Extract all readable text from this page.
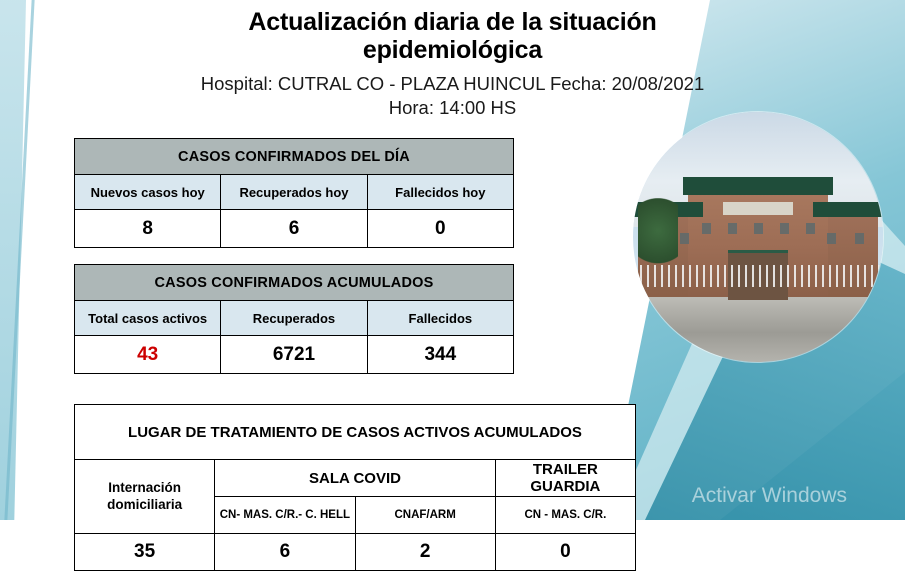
Actualización diaria de la situación epidemiológica
Hospital: CUTRAL CO - PLAZA HUINCUL Fecha: 20/08/2021
Hora: 14:00 HS
CASOS CONFIRMADOS DEL DÍA		
Nuevos casos hoy	Recuperados hoy	Fallecidos hoy
8	6	0
CASOS CONFIRMADOS ACUMULADOS		
Total casos activos	Recuperados	Fallecidos
43	6721	344
LUGAR DE TRATAMIENTO DE CASOS ACTIVOS ACUMULADOS			
Internación domiciliaria	SALA COVID		TRAILER GUARDIA
	CN- MAS. C/R.- C. HELL	CNAF/ARM	CN - MAS. C/R.
35	6	2	0
Activar Windows
